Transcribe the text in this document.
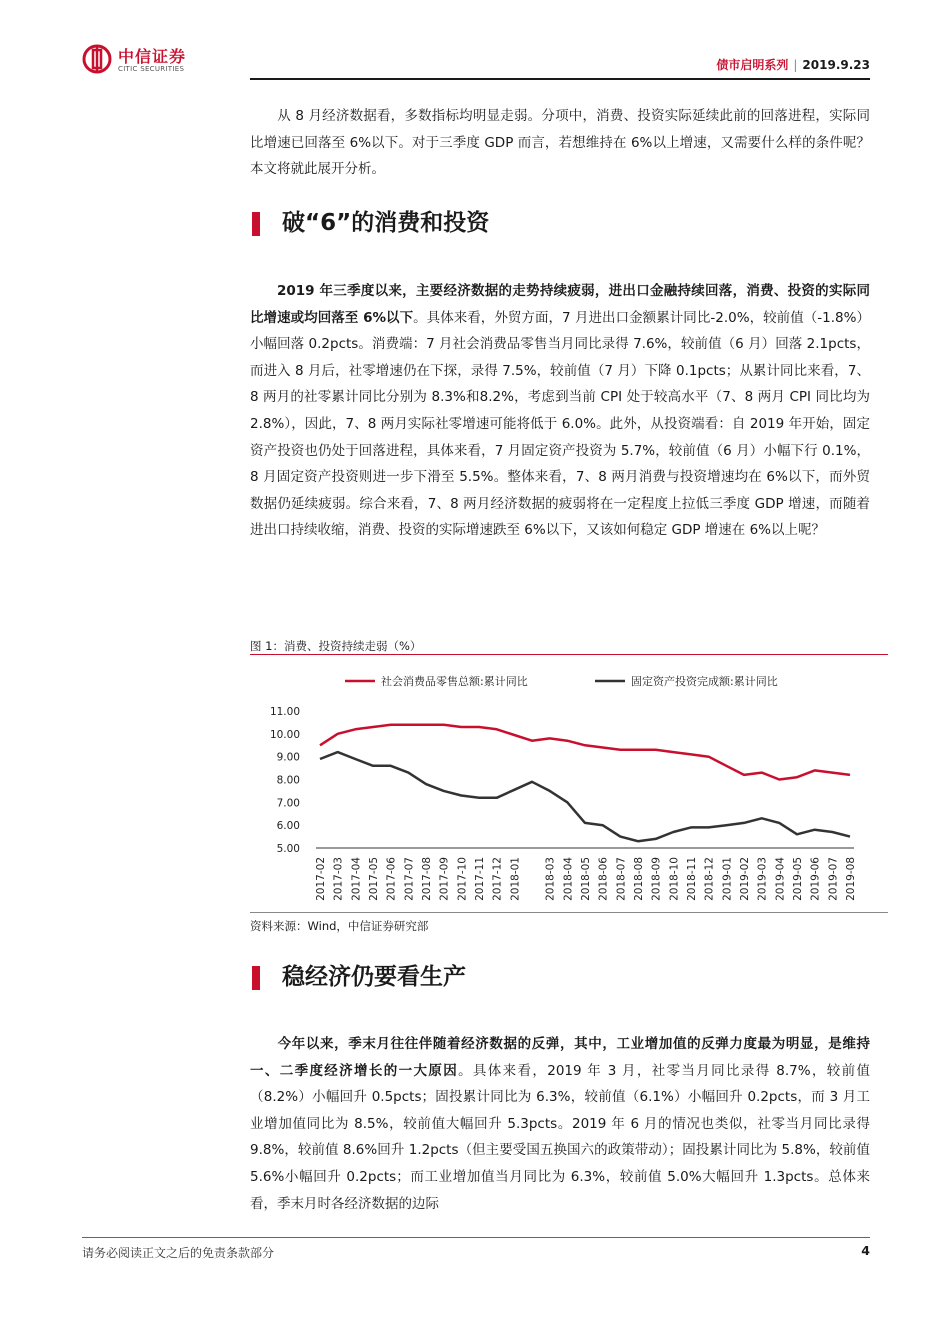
中信证券
CITIC SECURITIES	债市启明系列 | 2019.9.23

从 8 月经济数据看，多数指标均明显走弱。分项中，消费、投资实际延续此前的回落进程，实际同比增速已回落至 6%以下。对于三季度 GDP 而言，若想维持在 6%以上增速，又需要什么样的条件呢？本文将就此展开分析。

破“6”的消费和投资

2019 年三季度以来，主要经济数据的走势持续疲弱，进出口金融持续回落，消费、投资的实际同比增速或均回落至 6%以下。具体来看，外贸方面，7 月进出口金额累计同比-2.0%，较前值（-1.8%）小幅回落 0.2pcts。消费端：7 月社会消费品零售当月同比录得 7.6%，较前值（6 月）回落 2.1pcts，而进入 8 月后，社零增速仍在下探，录得 7.5%，较前值（7 月）下降 0.1pcts；从累计同比来看，7、8 两月的社零累计同比分别为 8.3%和8.2%，考虑到当前 CPI 处于较高水平（7、8 两月 CPI 同比均为 2.8%），因此，7、8 两月实际社零增速可能将低于 6.0%。此外，从投资端看：自 2019 年开始，固定资产投资也仍处于回落进程，具体来看，7 月固定资产投资为 5.7%，较前值（6 月）小幅下行 0.1%，8 月固定资产投资则进一步下滑至 5.5%。整体来看，7、8 两月消费与投资增速均在 6%以下，而外贸数据仍延续疲弱。综合来看，7、8 两月经济数据的疲弱将在一定程度上拉低三季度 GDP 增速，而随着进出口持续收缩，消费、投资的实际增速跌至 6%以下，又该如何稳定 GDP 增速在 6%以上呢？

图 1：消费、投资持续走弱（%）
社会消费品零售总额:累计同比	固定资产投资完成额:累计同比
11.00
10.00
9.00
8.00
7.00
6.00
5.00
2017-02 2017-03 2017-04 2017-05 2017-06 2017-07 2017-08 2017-09 2017-10 2017-11 2017-12 2018-01 2018-03 2018-04 2018-05 2018-06 2018-07 2018-08 2018-09 2018-10 2018-11 2018-12 2019-01 2019-02 2019-03 2019-04 2019-05 2019-06 2019-07 2019-08
资料来源：Wind，中信证券研究部
稳经济仍要看生产

今年以来，季末月往往伴随着经济数据的反弹，其中，工业增加值的反弹力度最为明显，是维持一、二季度经济增长的一大原因。具体来看，2019 年 3 月，社零当月同比录得 8.7%，较前值（8.2%）小幅回升 0.5pcts；固投累计同比为 6.3%，较前值（6.1%）小幅回升 0.2pcts，而 3 月工业增加值同比为 8.5%，较前值大幅回升 5.3pcts。2019 年 6 月的情况也类似，社零当月同比录得 9.8%，较前值 8.6%回升 1.2pcts（但主要受国五换国六的政策带动）；固投累计同比为 5.8%，较前值 5.6%小幅回升 0.2pcts；而工业增加值当月同比为 6.3%，较前值 5.0%大幅回升 1.3pcts。总体来看，季末月时各经济数据的边际

请务必阅读正文之后的免责条款部分	4
